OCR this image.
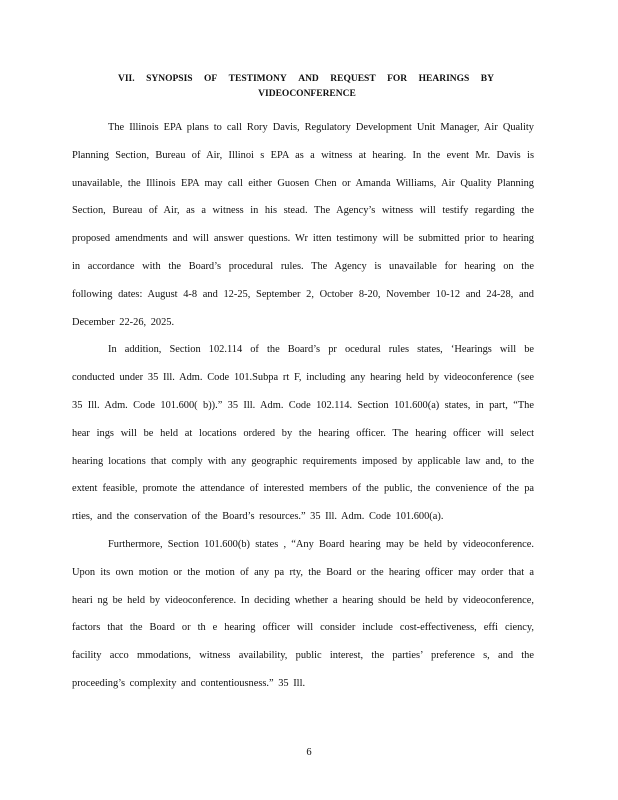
VII. SYNOPSIS OF TESTIMONY AND REQUEST FOR HEARINGS BY
VIDEOCONFERENCE

The Illinois EPA plans to call Rory Davis, Regulatory Development Unit Manager, Air Quality Planning Section, Bureau of Air, Illinoi s EPA as a witness at hearing. In the event Mr. Davis is unavailable, the Illinois EPA may call either Guosen Chen or Amanda Williams, Air Quality Planning Section, Bureau of Air, as a witness in his stead. The Agency’s witness will testify regarding the proposed amendments and will answer questions. Wr itten testimony will be submitted prior to hearing in accordance with the Board’s procedural rules. The Agency is unavailable for hearing on the following dates: August 4-8 and 12-25, September 2, October 8-20, November 10-12 and 24-28, and December 22-26, 2025.

In addition, Section 102.114 of the Board’s pr ocedural rules states, ‘Hearings will be conducted under 35 Ill. Adm. Code 101.Subpa rt F, including any hearing held by videoconference (see 35 Ill. Adm. Code 101.600( b)).” 35 Ill. Adm. Code 102.114. Section 101.600(a) states, in part, “The hear ings will be held at locations ordered by the hearing officer. The hearing officer will select hearing locations that comply with any geographic requirements imposed by applicable law and, to the extent feasible, promote the attendance of interested members of the public, the convenience of the pa rties, and the conservation of the Board’s resources.” 35 Ill. Adm. Code 101.600(a).

Furthermore, Section 101.600(b) states , “Any Board hearing may be held by videoconference. Upon its own motion or the motion of any pa rty, the Board or the hearing officer may order that a heari ng be held by videoconference. In deciding whether a hearing should be held by videoconference, factors that the Board or th e hearing officer will consider include cost-effectiveness, effi ciency, facility acco mmodations, witness availability, public interest, the parties’ preference s, and the proceeding’s complexity and contentiousness.” 35 Ill.

6
